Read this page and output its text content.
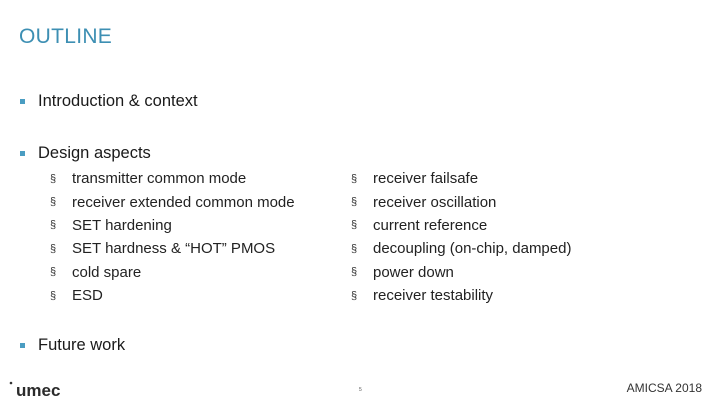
OUTLINE
Introduction & context
Design aspects
§	transmitter common mode
§	receiver extended common mode
§	SET hardening
§	SET hardness & “HOT” PMOS
§	cold spare
§	ESD
§	receiver failsafe
§	receiver oscillation
§	current reference
§	decoupling (on-chip, damped)
§	power down
§	receiver testability
Future work
umec	5	AMICSA 2018
